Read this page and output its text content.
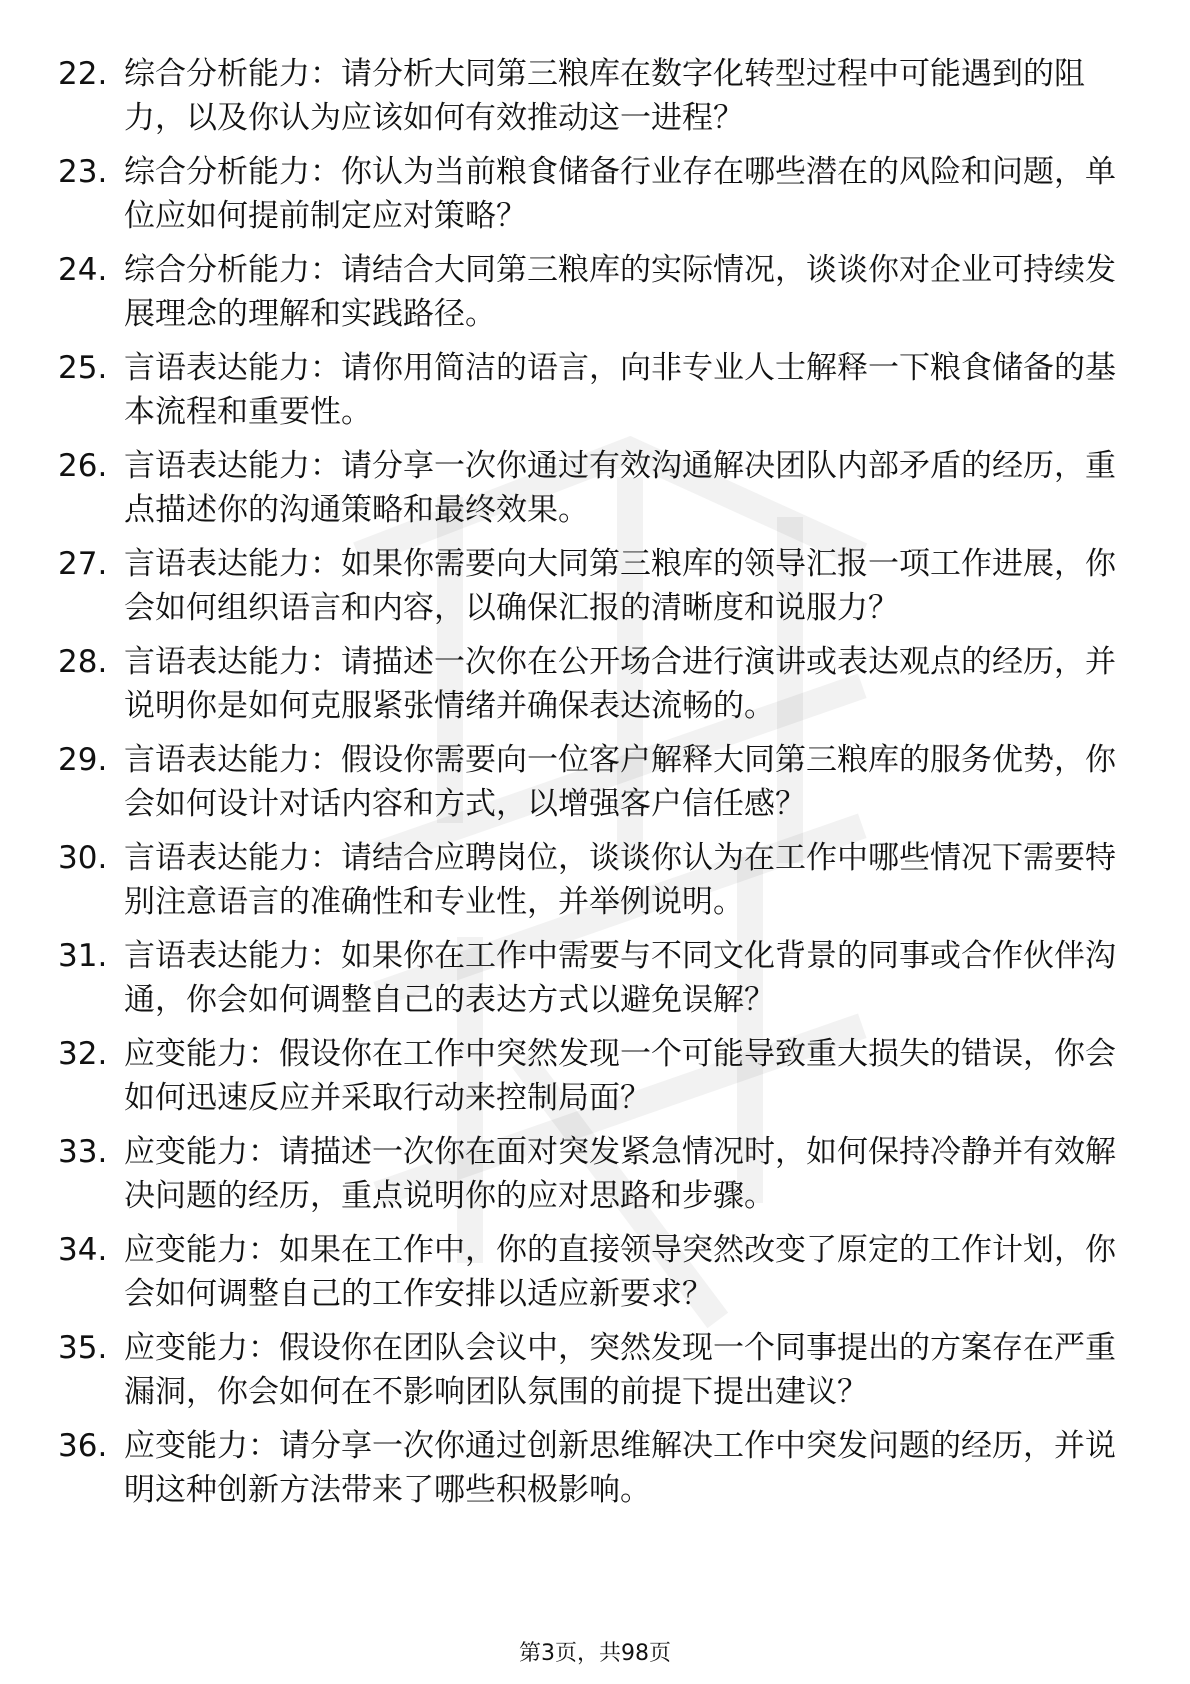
22. 综合分析能力：请分析大同第三粮库在数字化转型过程中可能遇到的阻力，以及你认为应该如何有效推动这一进程？
23. 综合分析能力：你认为当前粮食储备行业存在哪些潜在的风险和问题，单位应如何提前制定应对策略？
24. 综合分析能力：请结合大同第三粮库的实际情况，谈谈你对企业可持续发展理念的理解和实践路径。
25. 言语表达能力：请你用简洁的语言，向非专业人士解释一下粮食储备的基本流程和重要性。
26. 言语表达能力：请分享一次你通过有效沟通解决团队内部矛盾的经历，重点描述你的沟通策略和最终效果。
27. 言语表达能力：如果你需要向大同第三粮库的领导汇报一项工作进展，你会如何组织语言和内容，以确保汇报的清晰度和说服力？
28. 言语表达能力：请描述一次你在公开场合进行演讲或表达观点的经历，并说明你是如何克服紧张情绪并确保表达流畅的。
29. 言语表达能力：假设你需要向一位客户解释大同第三粮库的服务优势，你会如何设计对话内容和方式，以增强客户信任感？
30. 言语表达能力：请结合应聘岗位，谈谈你认为在工作中哪些情况下需要特别注意语言的准确性和专业性，并举例说明。
31. 言语表达能力：如果你在工作中需要与不同文化背景的同事或合作伙伴沟通，你会如何调整自己的表达方式以避免误解？
32. 应变能力：假设你在工作中突然发现一个可能导致重大损失的错误，你会如何迅速反应并采取行动来控制局面？
33. 应变能力：请描述一次你在面对突发紧急情况时，如何保持冷静并有效解决问题的经历，重点说明你的应对思路和步骤。
34. 应变能力：如果在工作中，你的直接领导突然改变了原定的工作计划，你会如何调整自己的工作安排以适应新要求？
35. 应变能力：假设你在团队会议中，突然发现一个同事提出的方案存在严重漏洞，你会如何在不影响团队氛围的前提下提出建议？
36. 应变能力：请分享一次你通过创新思维解决工作中突发问题的经历，并说明这种创新方法带来了哪些积极影响。
第3页，共98页
